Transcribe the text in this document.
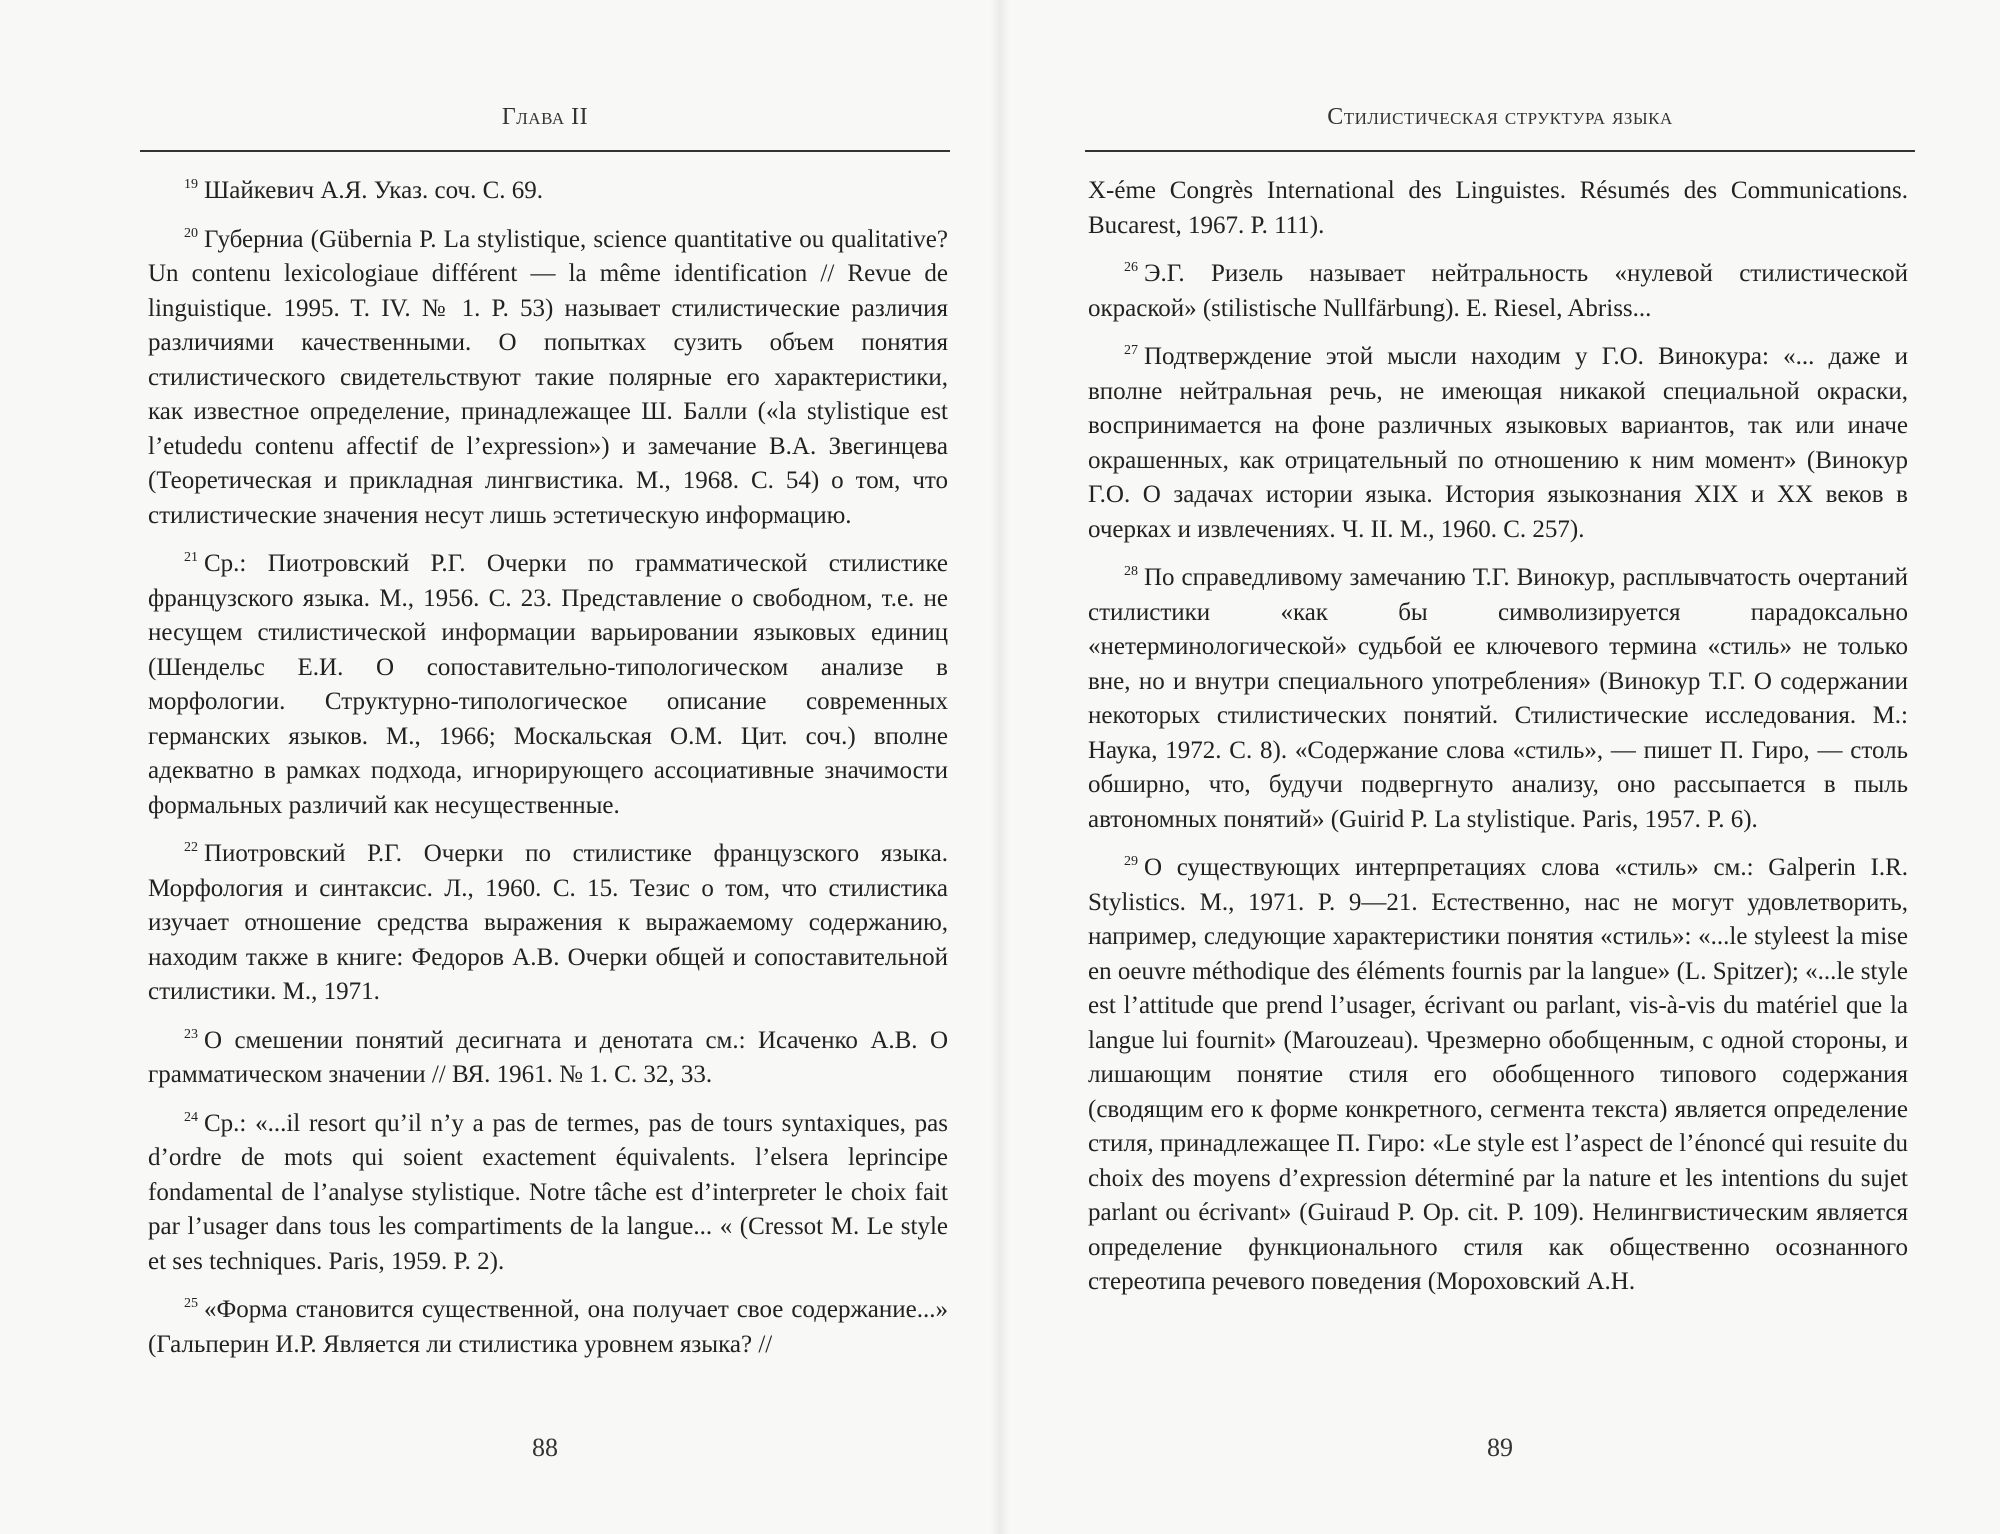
Глава II

$^{19}$ Шайкевич А.Я. Указ. соч. С. 69.

$^{20}$ Губерниа (Gübernia P. La stylistique, science quantitative ou qualitative? Un contenu lexicologiaue différent — la même identification // Revue de linguistique. 1995. T. IV. № 1. P. 53) называет стилистические различия различиями качественными. О попытках сузить объем понятия стилистического свидетельствуют такие полярные его характеристики, как известное определение, принадлежащее Ш. Балли («la stylistique est l’etudedu contenu affectif de l’expression») и замечание В.А. Звегинцева (Теоретическая и прикладная лингвистика. М., 1968. С. 54) о том, что стилистические значения несут лишь эстетическую информацию.

$^{21}$ Ср.: Пиотровский Р.Г. Очерки по грамматической стилистике французского языка. М., 1956. С. 23. Представление о свободном, т.е. не несущем стилистической информации варьировании языковых единиц (Шендельс Е.И. О сопоставительно-типологическом анализе в морфологии. Структурно-типологическое описание современных германских языков. М., 1966; Москальская О.М. Цит. соч.) вполне адекватно в рамках подхода, игнорирующего ассоциативные значимости формальных различий как несущественные.

$^{22}$ Пиотровский Р.Г. Очерки по стилистике французского языка. Морфология и синтаксис. Л., 1960. С. 15. Тезис о том, что стилистика изучает отношение средства выражения к выражаемому содержанию, находим также в книге: Федоров А.В. Очерки общей и сопоставительной стилистики. М., 1971.

$^{23}$ О смешении понятий десигната и денотата см.: Исаченко А.В. О грамматическом значении // ВЯ. 1961. № 1. С. 32, 33.

$^{24}$ Ср.: «...il resort qu’il n’y a pas de termes, pas de tours syntaxiques, pas d’ordre de mots qui soient exactement équivalents. l’elsera leprincipe fondamental de l’analyse stylistique. Notre tâche est d’interpreter le choix fait par l’usager dans tous les compartiments de la langue... « (Cressot M. Le style et ses techniques. Paris, 1959. P. 2).

$^{25}$ «Форма становится существенной, она получает свое содержание...» (Гальперин И.Р. Является ли стилистика уровнем языка? //

88
Стилистическая структура языка

X-éme Congrès International des Linguistes. Résumés des Communications. Bucarest, 1967. P. 111).

$^{26}$ Э.Г. Ризель называет нейтральность «нулевой стилистической окраской» (stilistische Nullfärbung). E. Riesel, Abriss...

$^{27}$ Подтверждение этой мысли находим у Г.О. Винокура: «... даже и вполне нейтральная речь, не имеющая никакой специальной окраски, воспринимается на фоне различных языковых вариантов, так или иначе окрашенных, как отрицательный по отношению к ним момент» (Винокур Г.О. О задачах истории языка. История языкознания XIX и XX веков в очерках и извлечениях. Ч. II. М., 1960. С. 257).

$^{28}$ По справедливому замечанию Т.Г. Винокур, расплывчатость очертаний стилистики «как бы символизируется парадоксально «нетерминологической» судьбой ее ключевого термина «стиль» не только вне, но и внутри специального употребления» (Винокур Т.Г. О содержании некоторых стилистических понятий. Стилистические исследования. М.: Наука, 1972. С. 8). «Содержание слова «стиль», — пишет П. Гиро, — столь обширно, что, будучи подвергнуто анализу, оно рассыпается в пыль автономных понятий» (Guirid P. La stylistique. Paris, 1957. P. 6).

$^{29}$ О существующих интерпретациях слова «стиль» см.: Galperin I.R. Stylistics. M., 1971. P. 9—21. Естественно, нас не могут удовлетворить, например, следующие характеристики понятия «стиль»: «...le styleest la mise en oeuvre méthodique des éléments fournis par la langue» (L. Spitzer); «...le style est l’attitude que prend l’usager, écrivant ou parlant, vis-à-vis du matériel que la langue lui fournit» (Marouzeau). Чрезмерно обобщенным, с одной стороны, и лишающим понятие стиля его обобщенного типового содержания (сводящим его к форме конкретного, сегмента текста) является определение стиля, принадлежащее П. Гиро: «Le style est l’aspect de l’énoncé qui resuite du choix des moyens d’expression déterminé par la nature et les intentions du sujet parlant ou écrivant» (Guiraud P. Op. cit. P. 109). Нелингвистическим является определение функционального стиля как общественно осознанного стереотипа речевого поведения (Мороховский А.Н.

89
